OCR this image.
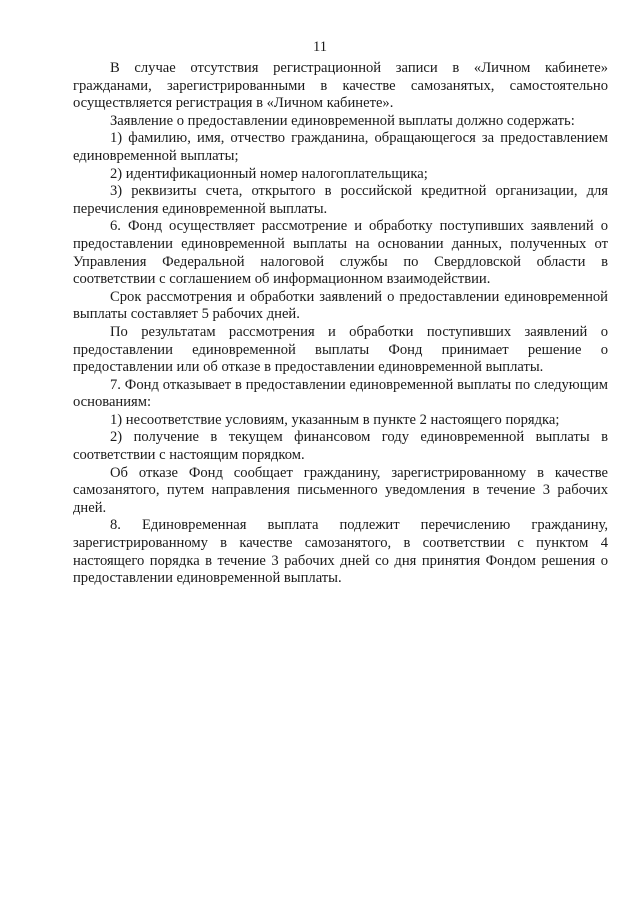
11

В случае отсутствия регистрационной записи в «Личном кабинете» гражданами, зарегистрированными в качестве самозанятых, самостоятельно осуществляется регистрация в «Личном кабинете».

Заявление о предоставлении единовременной выплаты должно содержать:

1) фамилию, имя, отчество гражданина, обращающегося за предоставлением единовременной выплаты;

2) идентификационный номер налогоплательщика;

3) реквизиты счета, открытого в российской кредитной организации, для перечисления единовременной выплаты.

6. Фонд осуществляет рассмотрение и обработку поступивших заявлений о предоставлении единовременной выплаты на основании данных, полученных от Управления Федеральной налоговой службы по Свердловской области в соответствии с соглашением об информационном взаимодействии.

Срок рассмотрения и обработки заявлений о предоставлении единовременной выплаты составляет 5 рабочих дней.

По результатам рассмотрения и обработки поступивших заявлений о предоставлении единовременной выплаты Фонд принимает решение о предоставлении или об отказе в предоставлении единовременной выплаты.

7. Фонд отказывает в предоставлении единовременной выплаты по следующим основаниям:

1) несоответствие условиям, указанным в пункте 2 настоящего порядка;

2) получение в текущем финансовом году единовременной выплаты в соответствии с настоящим порядком.

Об отказе Фонд сообщает гражданину, зарегистрированному в качестве самозанятого, путем направления письменного уведомления в течение 3 рабочих дней.

8. Единовременная выплата подлежит перечислению гражданину, зарегистрированному в качестве самозанятого, в соответствии с пунктом 4 настоящего порядка в течение 3 рабочих дней со дня принятия Фондом решения о предоставлении единовременной выплаты.
